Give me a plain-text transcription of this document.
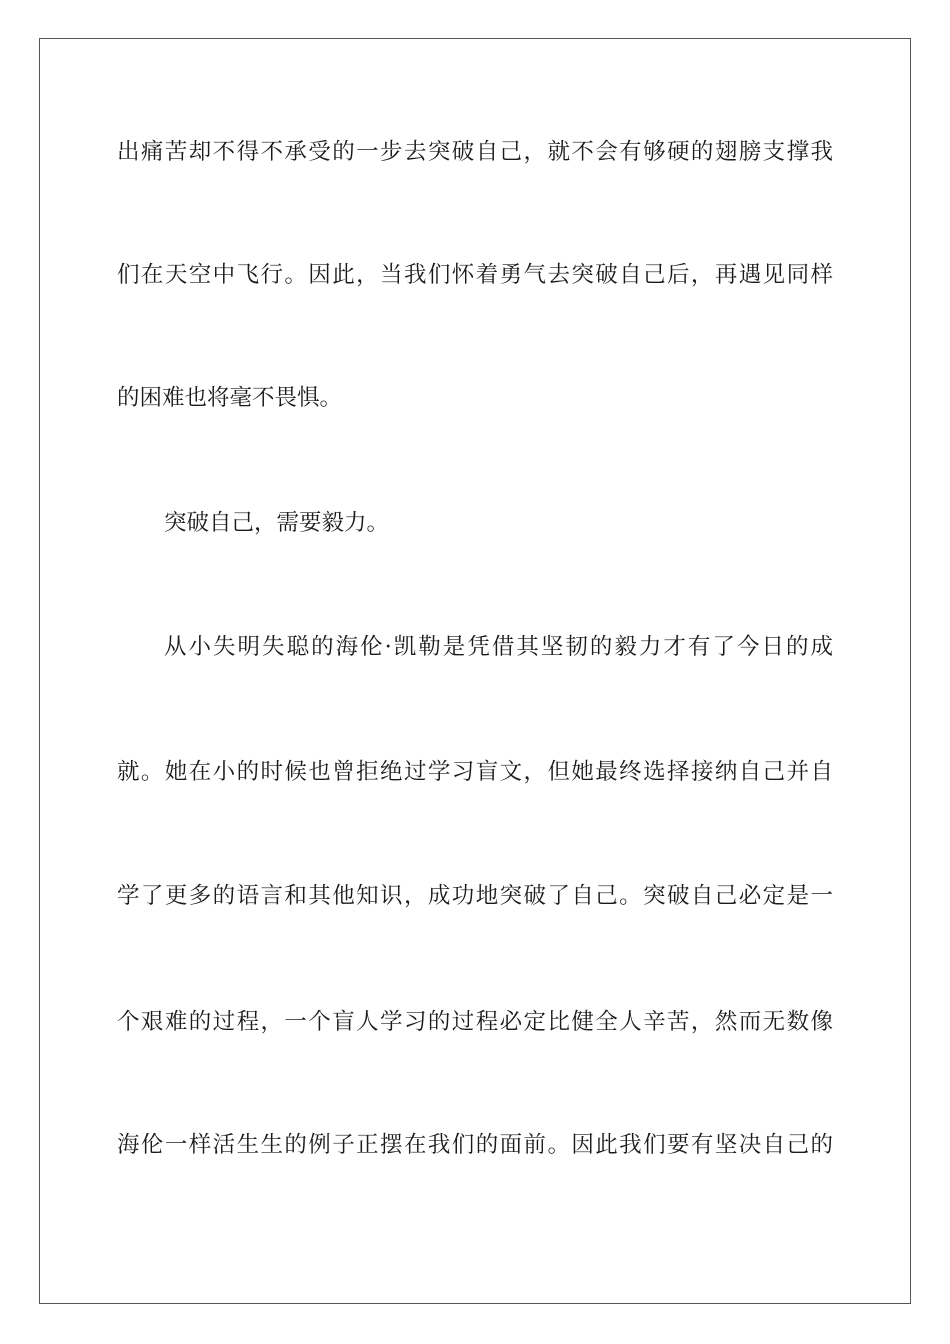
出痛苦却不得不承受的一步去突破自己，就不会有够硬的翅膀支撑我
们在天空中飞行。因此，当我们怀着勇气去突破自己后，再遇见同样
的困难也将毫不畏惧。
突破自己，需要毅力。
从小失明失聪的海伦·凯勒是凭借其坚韧的毅力才有了今日的成
就。她在小的时候也曾拒绝过学习盲文，但她最终选择接纳自己并自
学了更多的语言和其他知识，成功地突破了自己。突破自己必定是一
个艰难的过程，一个盲人学习的过程必定比健全人辛苦，然而无数像
海伦一样活生生的例子正摆在我们的面前。因此我们要有坚决自己的
